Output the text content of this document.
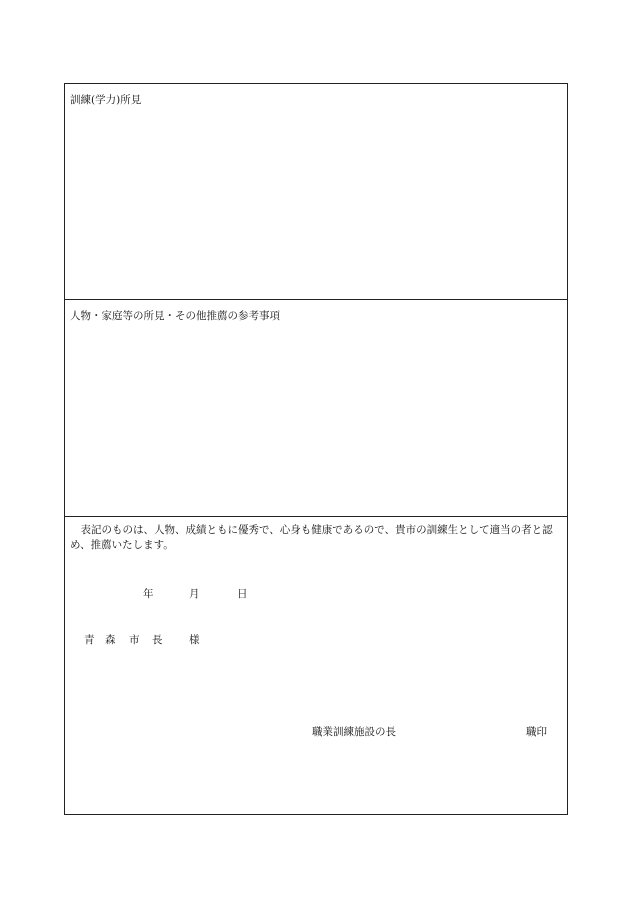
訓練(学力)所見
人物・家庭等の所見・その他推薦の参考事項
　表記のものは、人物、成績ともに優秀で、心身も健康であるので、貴市の訓練生として適当の者と認め、推薦いたします。
年	月	日
青 森 市 長	様
職業訓練施設の長	職印
